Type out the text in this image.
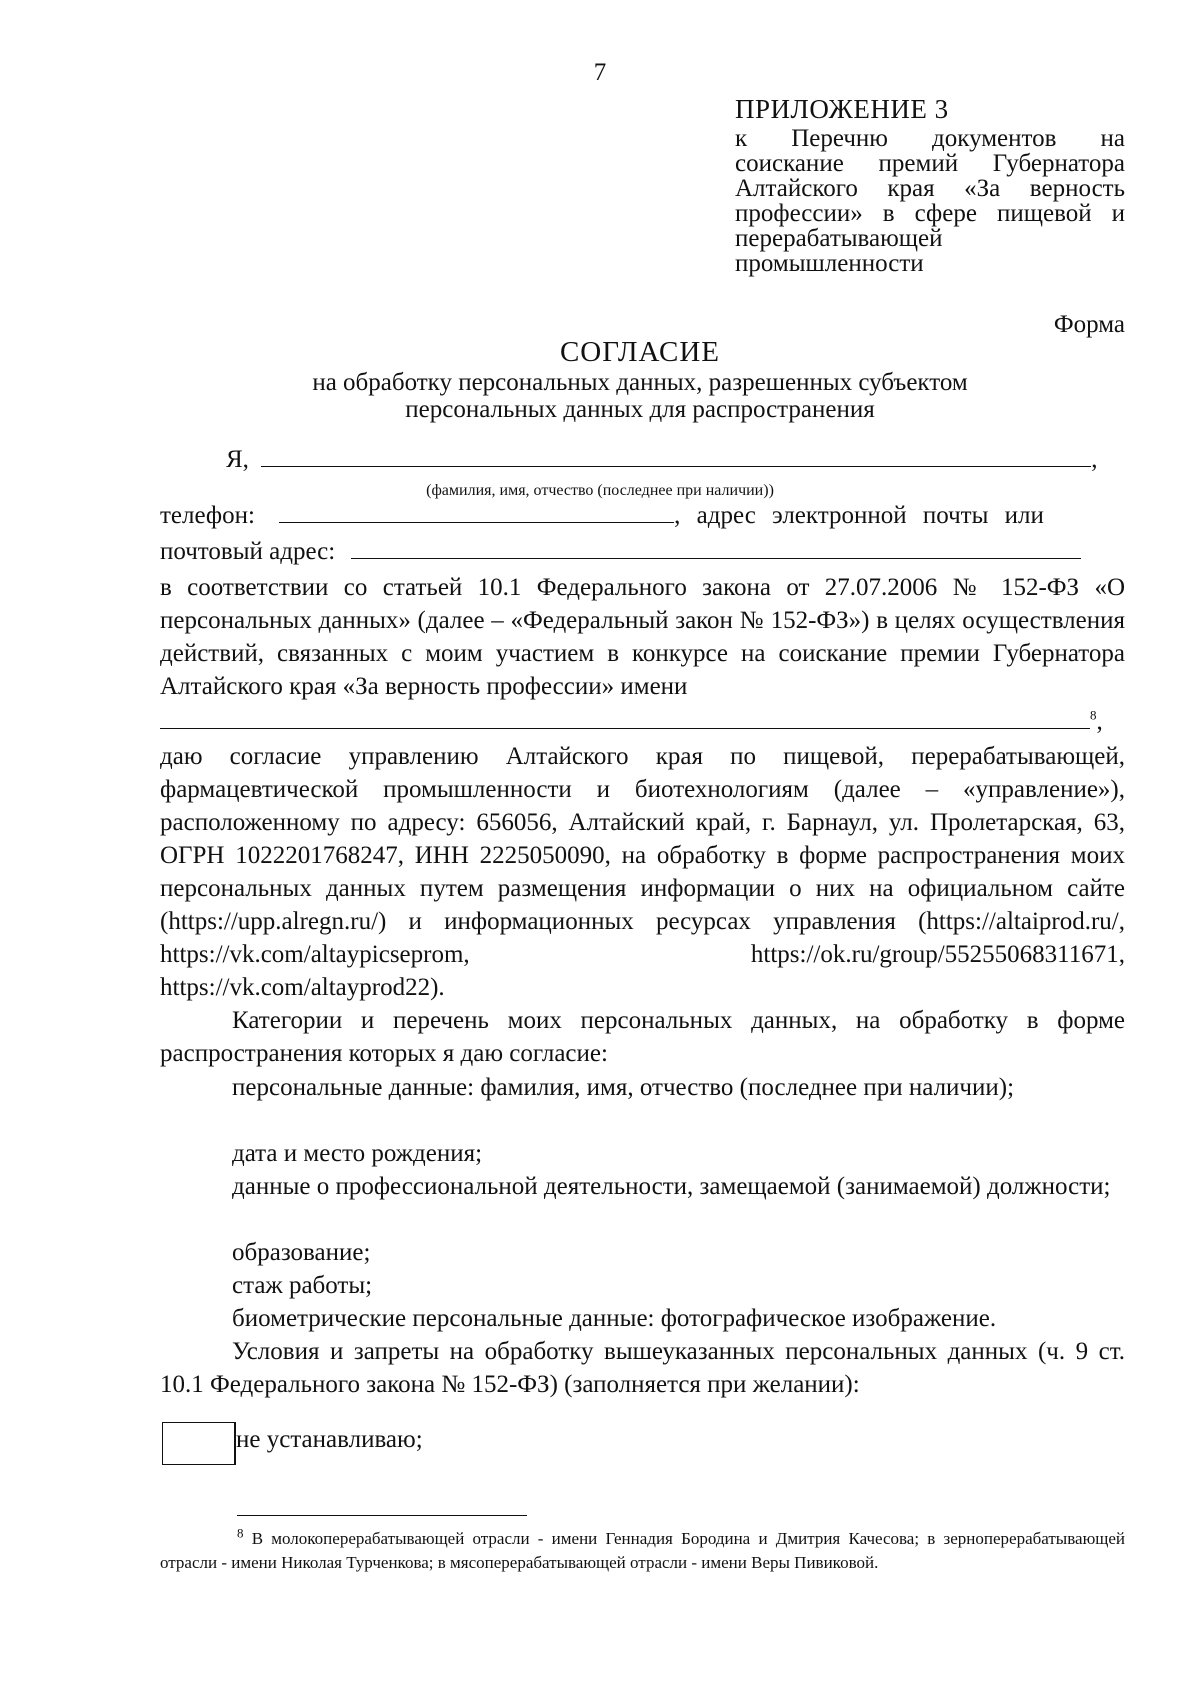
7
ПРИЛОЖЕНИЕ 3
к Перечню документов на соискание премий Губернатора Алтайского края «За верность профессии» в сфере пищевой и перерабатывающей промышленности
Форма
СОГЛАСИЕ
на обработку персональных данных, разрешенных субъектом
персональных данных для распространения
Я,	,
(фамилия, имя, отчество (последнее при наличии))
телефон:	, адрес электронной почты или
почтовый адрес:
в соответствии со статьей 10.1 Федерального закона от 27.07.2006 № 152-ФЗ «О персональных данных» (далее – «Федеральный закон № 152-ФЗ») в целях осуществления действий, связанных с моим участием в конкурсе на соискание премии Губернатора Алтайского края «За верность профессии» имени
$^8$,
даю согласие управлению Алтайского края по пищевой, перерабатывающей, фармацевтической промышленности и биотехнологиям (далее – «управление»), расположенному по адресу: 656056, Алтайский край, г. Барнаул, ул. Пролетарская, 63, ОГРН 1022201768247, ИНН 2225050090, на обработку в форме распространения моих персональных данных путем размещения информации о них на официальном сайте (https://upp.alregn.ru/) и информационных ресурсах управления (https://altaiprod.ru/, https://vk.com/altaypicseprom, https://ok.ru/group/55255068311671, https://vk.com/altayprod22).
Категории и перечень моих персональных данных, на обработку в форме распространения которых я даю согласие:
персональные данные: фамилия, имя, отчество (последнее при наличии);
дата и место рождения;
данные о профессиональной деятельности, замещаемой (занимаемой) должности;
образование;
стаж работы;
биометрические персональные данные: фотографическое изображение.
Условия и запреты на обработку вышеуказанных персональных данных (ч. 9 ст. 10.1 Федерального закона № 152-ФЗ) (заполняется при желании):
не устанавливаю;
$^8$ В молокоперерабатывающей отрасли - имени Геннадия Бородина и Дмитрия Качесова; в зерноперерабатывающей отрасли - имени Николая Турченкова; в мясоперерабатывающей отрасли - имени Веры Пивиковой.
